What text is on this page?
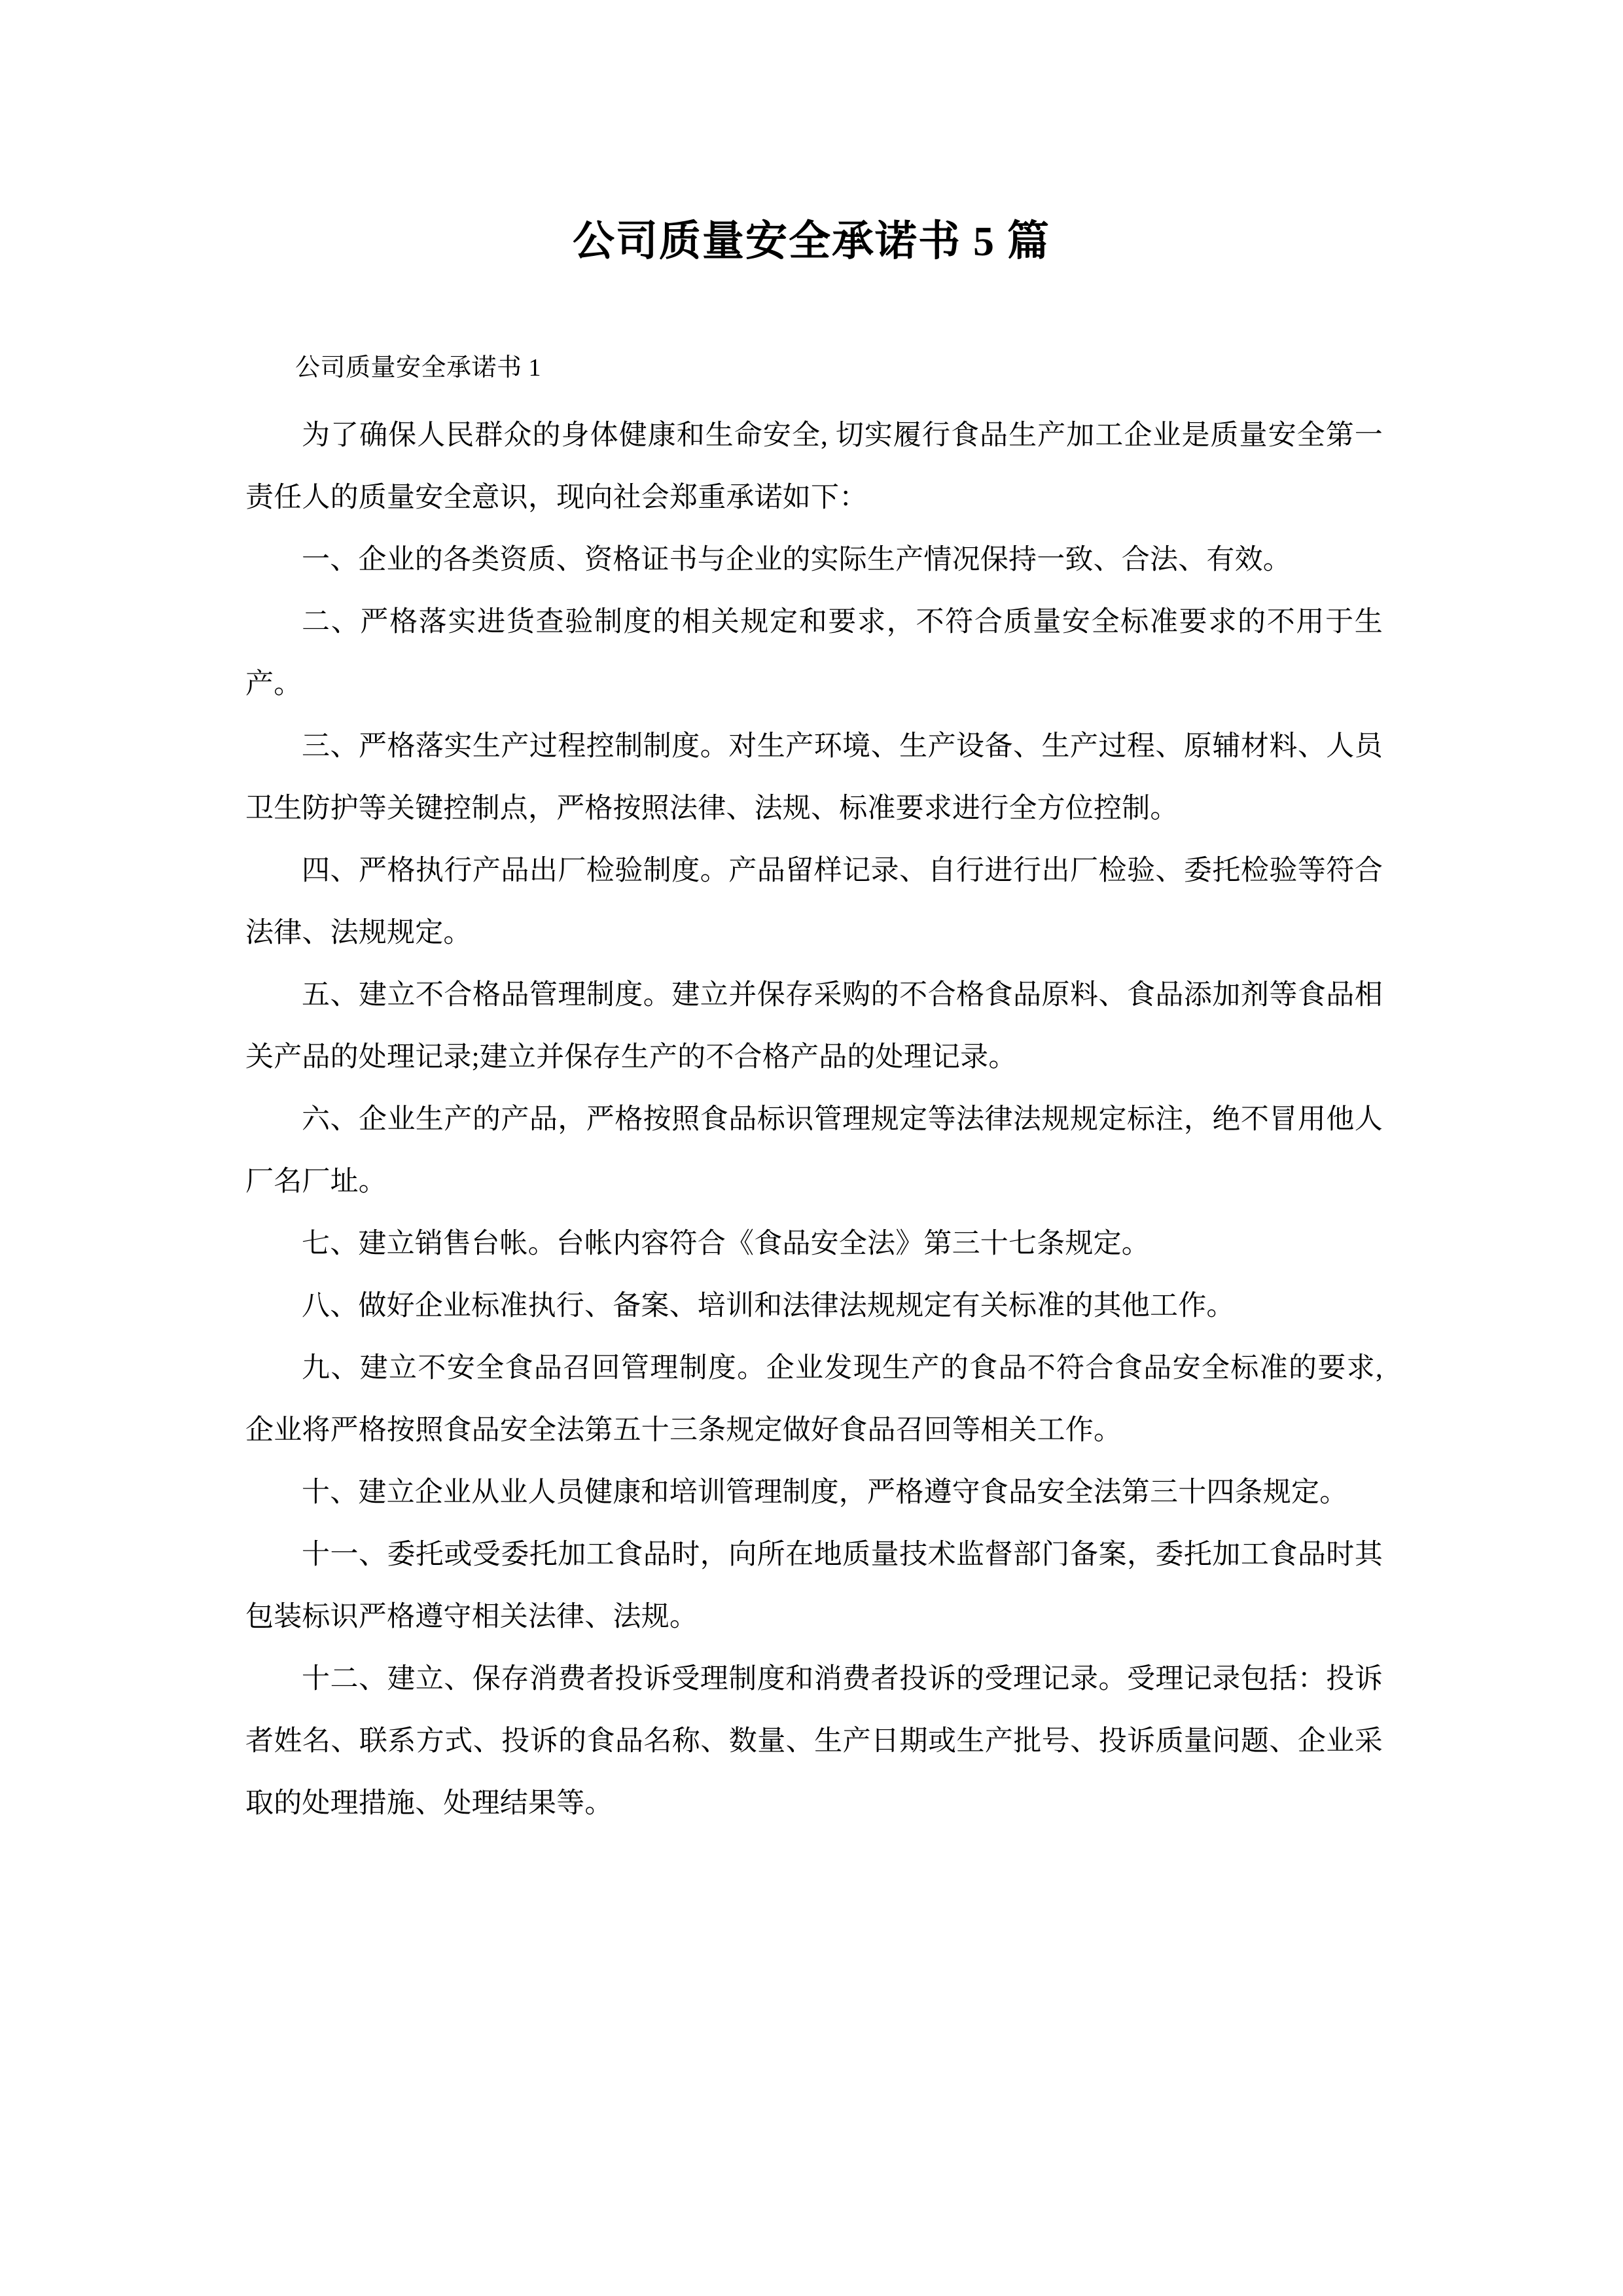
公司质量安全承诺书 5 篇

公司质量安全承诺书 1

为了确保人民群众的身体健康和生命安全, 切实履行食品生产加工企业是质量安全第一责任人的质量安全意识，现向社会郑重承诺如下：

一、企业的各类资质、资格证书与企业的实际生产情况保持一致、合法、有效。

二、严格落实进货查验制度的相关规定和要求，不符合质量安全标准要求的不用于生产。

三、严格落实生产过程控制制度。对生产环境、生产设备、生产过程、原辅材料、人员卫生防护等关键控制点，严格按照法律、法规、标准要求进行全方位控制。

四、严格执行产品出厂检验制度。产品留样记录、自行进行出厂检验、委托检验等符合法律、法规规定。

五、建立不合格品管理制度。建立并保存采购的不合格食品原料、食品添加剂等食品相关产品的处理记录;建立并保存生产的不合格产品的处理记录。

六、企业生产的产品，严格按照食品标识管理规定等法律法规规定标注，绝不冒用他人厂名厂址。

七、建立销售台帐。台帐内容符合《食品安全法》第三十七条规定。

八、做好企业标准执行、备案、培训和法律法规规定有关标准的其他工作。

九、建立不安全食品召回管理制度。企业发现生产的食品不符合食品安全标准的要求,企业将严格按照食品安全法第五十三条规定做好食品召回等相关工作。

十、建立企业从业人员健康和培训管理制度，严格遵守食品安全法第三十四条规定。

十一、委托或受委托加工食品时，向所在地质量技术监督部门备案，委托加工食品时其包装标识严格遵守相关法律、法规。

十二、建立、保存消费者投诉受理制度和消费者投诉的受理记录。受理记录包括：投诉者姓名、联系方式、投诉的食品名称、数量、生产日期或生产批号、投诉质量问题、企业采取的处理措施、处理结果等。
